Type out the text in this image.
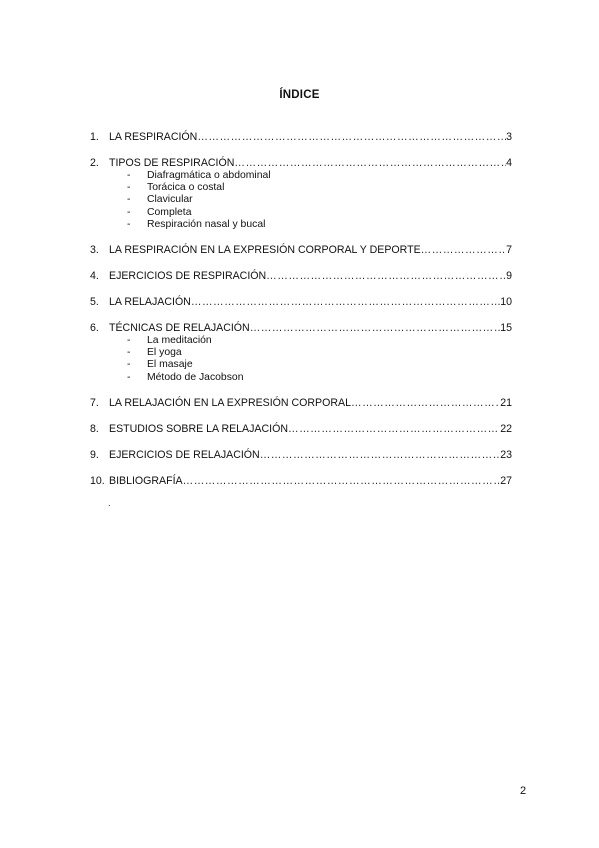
ÍNDICE
1. LA RESPIRACIÓN ……………………………………………………………………………………………………………………………………………………………………………………………………	3
2. TIPOS DE RESPIRACIÓN ……………………………………………………………………………………………………………………………………………………………………………………………………	4
-	Diafragmática o abdominal
-	Torácica o costal
-	Clavicular
-	Completa
-	Respiración nasal y bucal
3. LA RESPIRACIÓN EN LA EXPRESIÓN CORPORAL Y DEPORTE ……………………………………………………………………………………………………………………………………………………………………………………………………	7
4. EJERCICIOS DE RESPIRACIÓN ……………………………………………………………………………………………………………………………………………………………………………………………………	9
5. LA RELAJACIÓN ……………………………………………………………………………………………………………………………………………………………………………………………………	10
6. TÉCNICAS DE RELAJACIÓN ……………………………………………………………………………………………………………………………………………………………………………………………………	15
-	La meditación
-	El yoga
-	El masaje
-	Método de Jacobson
7. LA RELAJACIÓN EN LA EXPRESIÓN CORPORAL ……………………………………………………………………………………………………………………………………………………………………………………………………	21
8. ESTUDIOS SOBRE LA RELAJACIÓN ……………………………………………………………………………………………………………………………………………………………………………………………………	22
9. EJERCICIOS DE RELAJACIÓN ……………………………………………………………………………………………………………………………………………………………………………………………………	23
10. BIBLIOGRAFÍA ……………………………………………………………………………………………………………………………………………………………………………………………………	27
.
2
